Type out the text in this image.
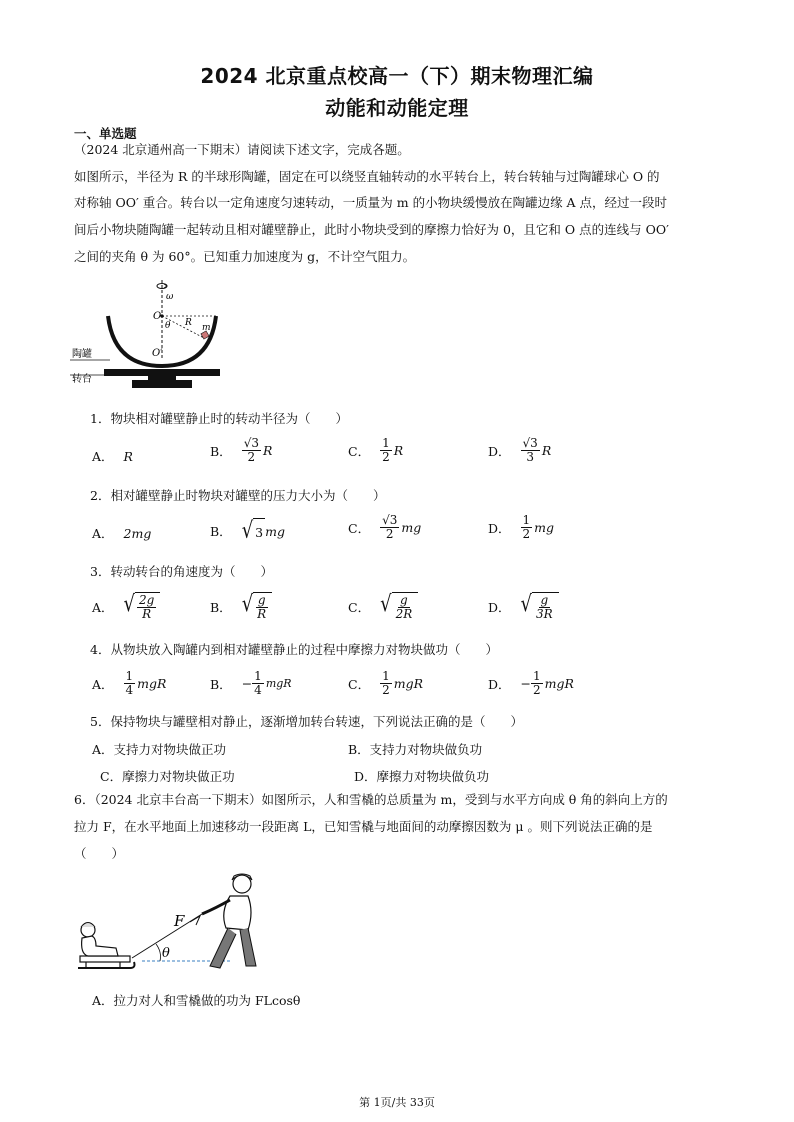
2024 北京重点校高一（下）期末物理汇编
动能和动能定理
一、单选题
（2024 北京通州高一下期末）请阅读下述文字，完成各题。
如图所示，半径为 R 的半球形陶罐，固定在可以绕竖直轴转动的水平转台上，转台转轴与过陶罐球心 O 的
对称轴 OO′ 重合。转台以一定角速度匀速转动，一质量为 m 的小物块缓慢放在陶罐边缘 A 点，经过一段时
间后小物块随陶罐一起转动且相对罐壁静止，此时小物块受到的摩擦力恰好为 0，且它和 O 点的连线与 OO′
之间的夹角 θ 为 60°。已知重力加速度为 g，不计空气阻力。
ω
O
θ R m
O′
陶罐
转台
1．物块相对罐壁静止时的转动半径为（　　）
A． R	B． $\frac{√3}{2}$ R	C． $\frac{1}{2}$ R	D． $\frac{√3}{3}$ R
2．相对罐壁静止时物块对罐壁的压力大小为（　　）
A． 2mg	B． √ 3 mg	C． $\frac{√3}{2}$ mg	D． $\frac{1}{2}$ mg
3．转动转台的角速度为（　　）
A． √ $\frac{2g}{R}$	B． √ $\frac{g}{R}$	C． √ $\frac{g}{2R}$	D． √ $\frac{g}{3R}$
4．从物块放入陶罐内到相对罐壁静止的过程中摩擦力对物块做功（　　）
A． $\frac{1}{4}$ mgR	B． − $\frac{1}{4}$ mgR	C． $\frac{1}{2}$ mgR	D． − $\frac{1}{2}$ mgR
5．保持物块与罐壁相对静止，逐渐增加转台转速，下列说法正确的是（　　）
A．支持力对物块做正功	B．支持力对物块做负功
C．摩擦力对物块做正功	D．摩擦力对物块做负功
6．（2024 北京丰台高一下期末）如图所示，人和雪橇的总质量为 m，受到与水平方向成 θ 角的斜向上方的
拉力 F，在水平地面上加速移动一段距离 L，已知雪橇与地面间的动摩擦因数为 μ 。则下列说法正确的是
（　　）
F
θ
A．拉力对人和雪橇做的功为 FLcosθ
第 1页/共 33页
